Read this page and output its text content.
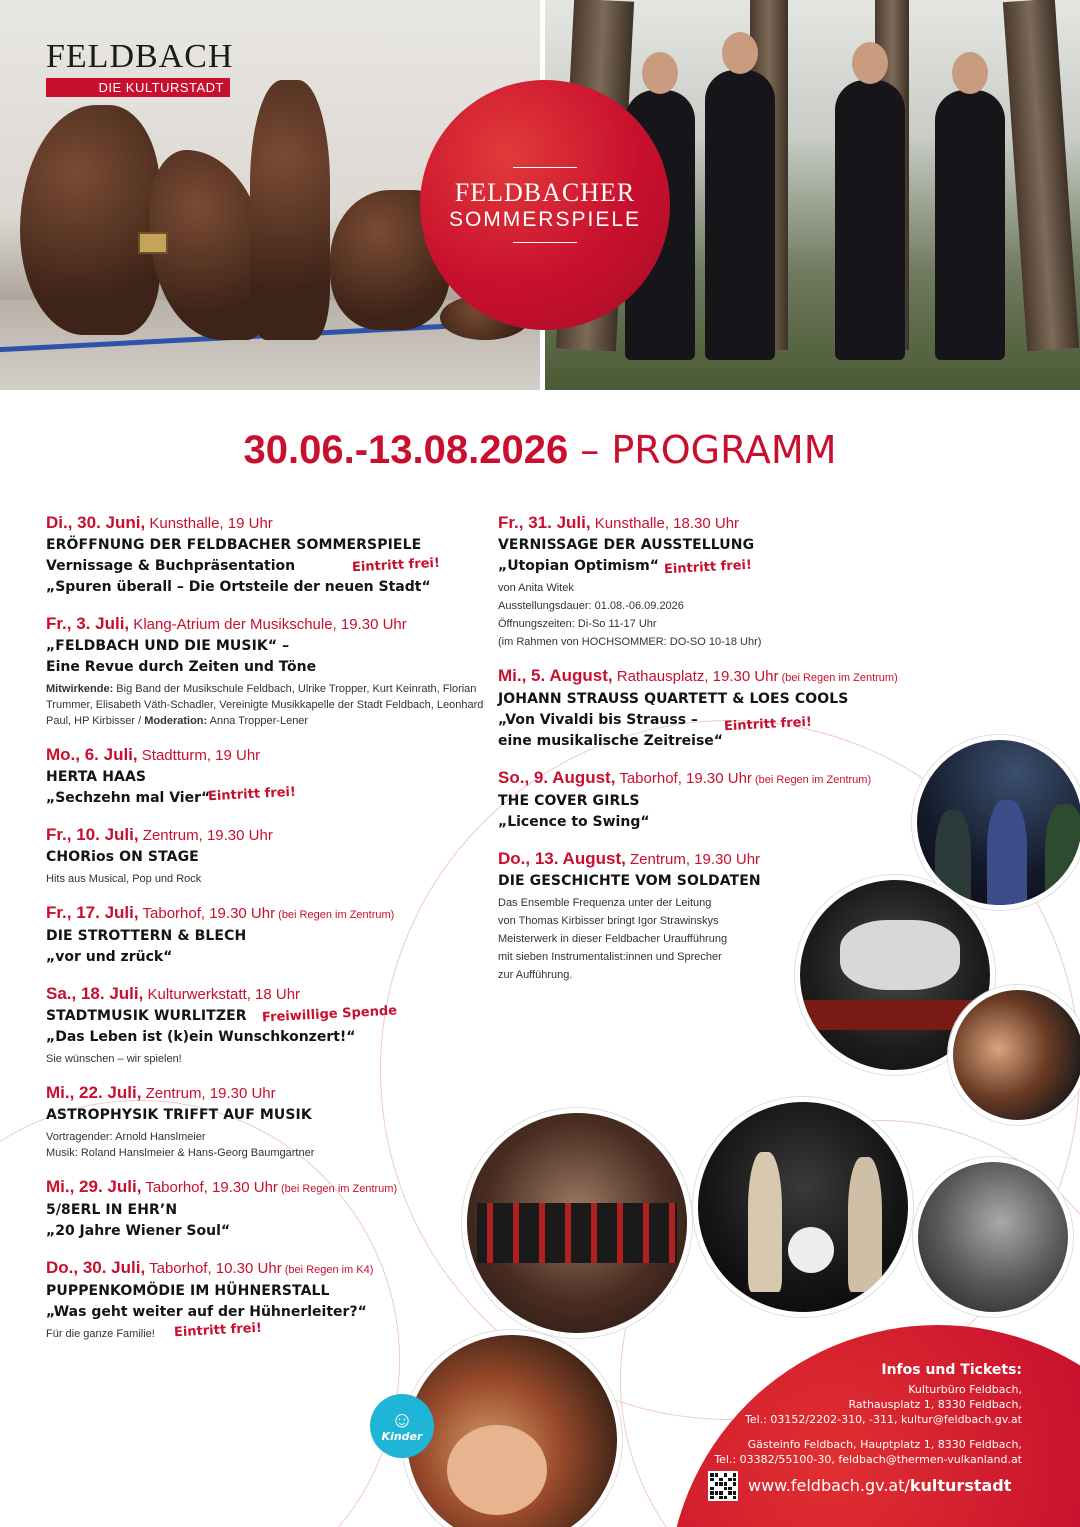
FELDBACH
DIE KULTURSTADT
FELDBACHER
SOMMERSPIELE
30.06.-13.08.2026 – PROGRAMM
Di., 30. Juni, Kunsthalle, 19 Uhr
ERÖFFNUNG DER FELDBACHER SOMMERSPIELE
Vernissage & Buchpräsentation
„Spuren überall – Die Ortsteile der neuen Stadt“
Eintritt frei!
Fr., 3. Juli, Klang-Atrium der Musikschule, 19.30 Uhr
„FELDBACH UND DIE MUSIK“ –
Eine Revue durch Zeiten und Töne
Mitwirkende: Big Band der Musikschule Feldbach, Ulrike Tropper, Kurt Keinrath, Florian Trummer, Elisabeth Väth-Schadler, Vereinigte Musikkapelle der Stadt Feldbach, Leonhard Paul, HP Kirbisser / Moderation: Anna Tropper-Lener
Mo., 6. Juli, Stadtturm, 19 Uhr
HERTA HAAS
„Sechzehn mal Vier“
Eintritt frei!
Fr., 10. Juli, Zentrum, 19.30 Uhr
CHORios ON STAGE
Hits aus Musical, Pop und Rock
Fr., 17. Juli, Taborhof, 19.30 Uhr (bei Regen im Zentrum)
DIE STROTTERN & BLECH
„vor und zrück“
Sa., 18. Juli, Kulturwerkstatt, 18 Uhr
STADTMUSIK WURLITZER
„Das Leben ist (k)ein Wunschkonzert!“
Sie wünschen – wir spielen!
Freiwillige Spende
Mi., 22. Juli, Zentrum, 19.30 Uhr
ASTROPHYSIK TRIFFT AUF MUSIK
Vortragender: Arnold Hanslmeier
Musik: Roland Hanslmeier & Hans-Georg Baumgartner
Mi., 29. Juli, Taborhof, 19.30 Uhr (bei Regen im Zentrum)
5/8ERL IN EHR’N
„20 Jahre Wiener Soul“
Do., 30. Juli, Taborhof, 10.30 Uhr (bei Regen im K4)
PUPPENKOMÖDIE IM HÜHNERSTALL
„Was geht weiter auf der Hühnerleiter?“
Für die ganze Familie!	Eintritt frei!
Fr., 31. Juli, Kunsthalle, 18.30 Uhr
VERNISSAGE DER AUSSTELLUNG
„Utopian Optimism“
von Anita Witek
Ausstellungsdauer: 01.08.-06.09.2026
Öffnungszeiten: Di-So 11-17 Uhr
(im Rahmen von HOCHSOMMER: DO-SO 10-18 Uhr)
Eintritt frei!
Mi., 5. August, Rathausplatz, 19.30 Uhr (bei Regen im Zentrum)
JOHANN STRAUSS QUARTETT & LOES COOLS
„Von Vivaldi bis Strauss –
eine musikalische Zeitreise“
Eintritt frei!
So., 9. August, Taborhof, 19.30 Uhr (bei Regen im Zentrum)
THE COVER GIRLS
„Licence to Swing“
Do., 13. August, Zentrum, 19.30 Uhr
DIE GESCHICHTE VOM SOLDATEN
Das Ensemble Frequenza unter der Leitung
von Thomas Kirbisser bringt Igor Strawinskys
Meisterwerk in dieser Feldbacher Uraufführung
mit sieben Instrumentalist:innen und Sprecher
zur Aufführung.
☺
Kinder
Infos und Tickets:
Kulturbüro Feldbach,
Rathausplatz 1, 8330 Feldbach,
Tel.: 03152/2202-310, -311, kultur@feldbach.gv.at
Gästeinfo Feldbach, Hauptplatz 1, 8330 Feldbach,
Tel.: 03382/55100-30, feldbach@thermen-vulkanland.at
www.feldbach.gv.at/kulturstadt
